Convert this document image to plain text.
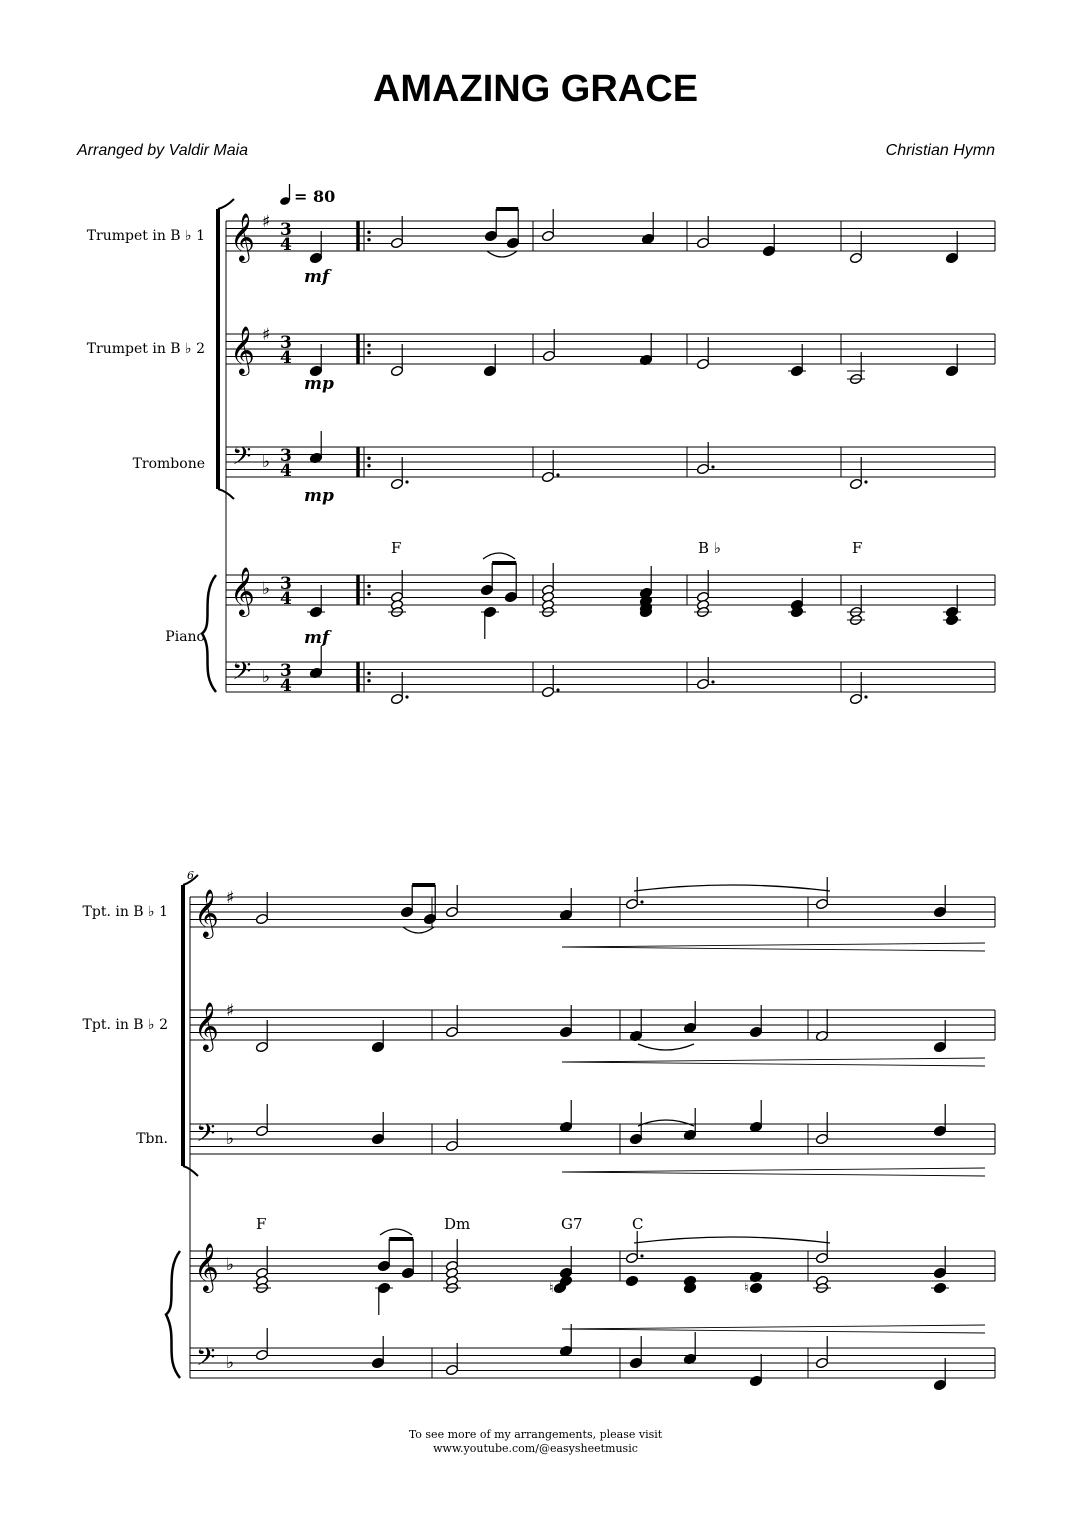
AMAZING GRACE
Arranged by Valdir Maia	Christian Hymn
𝄞 ♯ 3
4
𝄞 ♯ 3
4
𝄢 ♭ 3
4
𝄞 ♭ 3
4
𝄢 ♭ 3
4
𝄞 ♯
𝄞 ♯
𝄢 ♭
𝄞 ♭
𝄢 ♭
♮	♮
= 80
Trumpet in B ♭ 1
Trumpet in B ♭ 2
Trombone
Piano
mf
mp
mp
mf
F	B ♭	F
6
Tpt. in B ♭ 1
Tpt. in B ♭ 2
Tbn.
F	Dm	G7	C
To see more of my arrangements, please visit
www.youtube.com/@easysheetmusic
